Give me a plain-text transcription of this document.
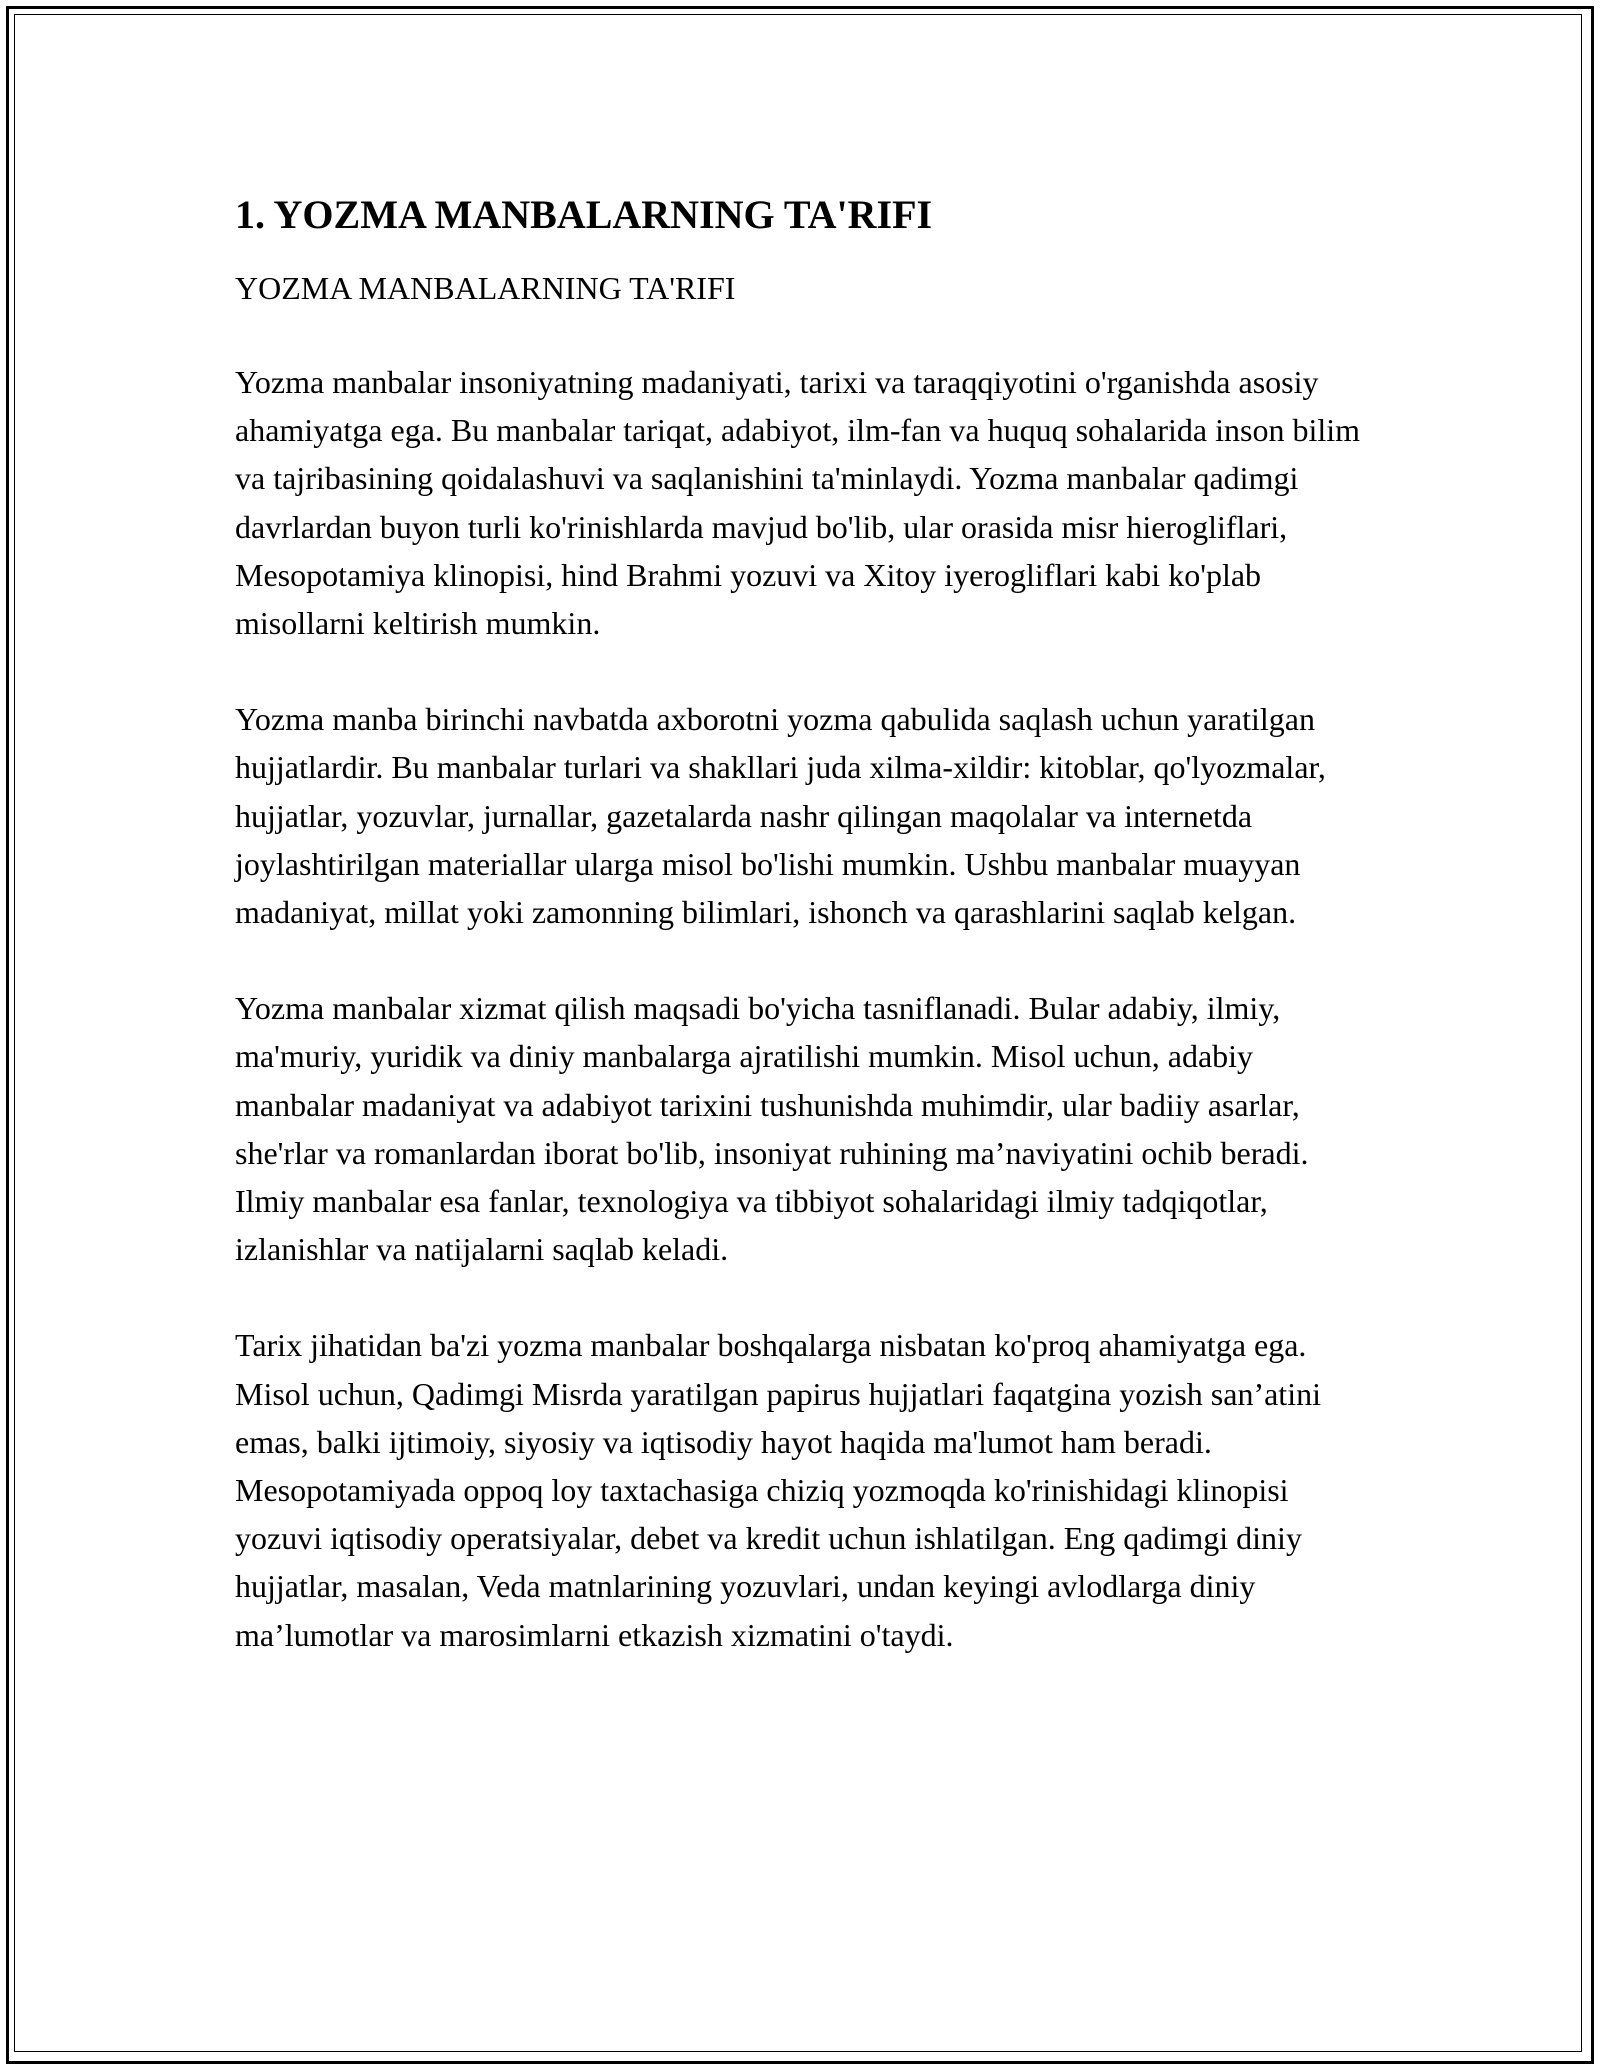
1. YOZMA MANBALARNING TA'RIFI

YOZMA MANBALARNING TA'RIFI

Yozma manbalar insoniyatning madaniyati, tarixi va taraqqiyotini o'rganishda asosiy ahamiyatga ega. Bu manbalar tariqat, adabiyot, ilm-fan va huquq sohalarida inson bilim va tajribasining qoidalashuvi va saqlanishini ta'minlaydi. Yozma manbalar qadimgi davrlardan buyon turli ko'rinishlarda mavjud bo'lib, ular orasida misr hierogliflari, Mesopotamiya klinopisi, hind Brahmi yozuvi va Xitoy iyerogliflari kabi ko'plab misollarni keltirish mumkin.

Yozma manba birinchi navbatda axborotni yozma qabulida saqlash uchun yaratilgan hujjatlardir. Bu manbalar turlari va shakllari juda xilma-xildir: kitoblar, qo'lyozmalar, hujjatlar, yozuvlar, jurnallar, gazetalarda nashr qilingan maqolalar va internetda joylashtirilgan materiallar ularga misol bo'lishi mumkin. Ushbu manbalar muayyan madaniyat, millat yoki zamonning bilimlari, ishonch va qarashlarini saqlab kelgan.

Yozma manbalar xizmat qilish maqsadi bo'yicha tasniflanadi. Bular adabiy, ilmiy, ma'muriy, yuridik va diniy manbalarga ajratilishi mumkin. Misol uchun, adabiy manbalar madaniyat va adabiyot tarixini tushunishda muhimdir, ular badiiy asarlar, she'rlar va romanlardan iborat bo'lib, insoniyat ruhining ma’naviyatini ochib beradi. Ilmiy manbalar esa fanlar, texnologiya va tibbiyot sohalaridagi ilmiy tadqiqotlar, izlanishlar va natijalarni saqlab keladi.

Tarix jihatidan ba'zi yozma manbalar boshqalarga nisbatan ko'proq ahamiyatga ega. Misol uchun, Qadimgi Misrda yaratilgan papirus hujjatlari faqatgina yozish san’atini emas, balki ijtimoiy, siyosiy va iqtisodiy hayot haqida ma'lumot ham beradi. Mesopotamiyada oppoq loy taxtachasiga chiziq yozmoqda ko'rinishidagi klinopisi yozuvi iqtisodiy operatsiyalar, debet va kredit uchun ishlatilgan. Eng qadimgi diniy hujjatlar, masalan, Veda matnlarining yozuvlari, undan keyingi avlodlarga diniy ma’lumotlar va marosimlarni etkazish xizmatini o'taydi.
